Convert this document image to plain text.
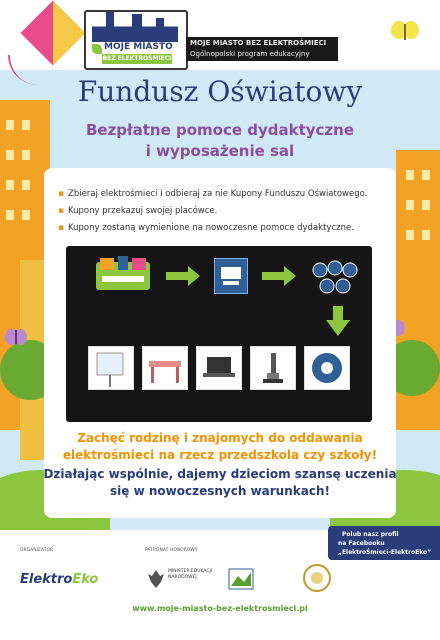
MOJE MIASTO
BEZ ELEKTROŚMIECI
MOJE MIASTO BEZ ELEKTROŚMIECI
Ogólnopolski program edukacyjny
Fundusz Oświatowy
Bezpłatne pomoce dydaktyczne
i wyposażenie sal
▪ Zbieraj elektrośmieci i odbieraj za nie Kupony Funduszu Oświatowego.
▪ Kupony przekazuj swojej placówce.
▪ Kupony zostaną wymienione na nowoczesne pomoce dydaktyczne.
Zachęć rodzinę i znajomych do oddawania
elektrośmieci na rzecz przedszkola czy szkoły!
Działając wspólnie, dajemy dzieciom szansę uczenia
się w nowoczesnych warunkach!
Polub nasz profil
na Facebooku
„ElektroŚmieci-ElektroEko”
ORGANIZATOR	PATRONAT HONOROWY
ElektroEko
MINISTER EDUKACJI NARODOWEJ
www.moje-miasto-bez-elektrosmieci.pl
